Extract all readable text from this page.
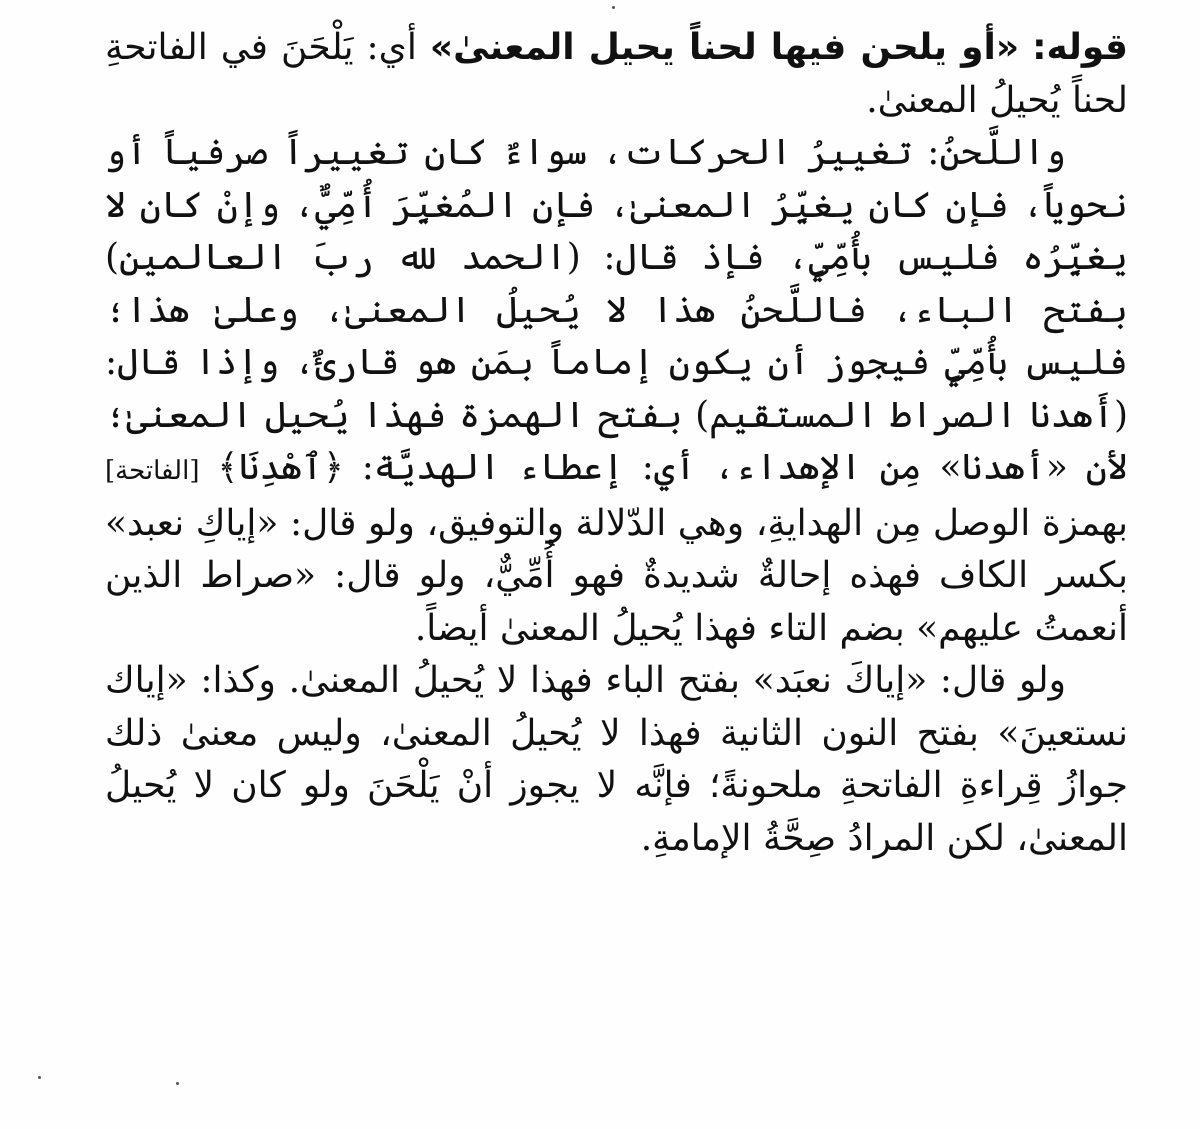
قوله: «أو يلحن فيها لحناً يحيل المعنىٰ» أي: يَلْحَنَ في الفاتحةِ لحناً يُحيلُ المعنىٰ.

واللَّحنُ: تغييرُ الحركات، سواءٌ كان تغييراً صرفياً أو نحوياً، فإن كان يغيِّرُ المعنىٰ، فإن المُغيِّرَ أُمِّيٌّ، وإنْ كان لا يغيِّرُه فليس بأُمِّيٍّ، فإذ قال: (الحمد لله ربَ العالمين) بفتح الباء، فاللَّحنُ هذا لا يُحيلُ المعنىٰ، وعلىٰ هذا؛ فليس بأُمِّيٍّ فيجوز أن يكون إماماً بمَن هو قارئٌ، وإذا قال: (أَهدنا الصراط المستقيم) بفتح الهمزة فهذا يُحيل المعنىٰ؛ لأن «أهدنا» مِن الإهداء، أي: إعطاء الهديَّة: ﴿ٱهْدِنَا﴾ [الفاتحة] بهمزة الوصل مِن الهدايةِ، وهي الدّلالة والتوفيق، ولو قال: «إياكِ نعبد» بكسر الكاف فهذه إحالةٌ شديدةٌ فهو أُمِّيٌّ، ولو قال: «صراط الذين أنعمتُ عليهم» بضم التاء فهذا يُحيلُ المعنىٰ أيضاً.

ولو قال: «إياكَ نعبَد» بفتح الباء فهذا لا يُحيلُ المعنىٰ. وكذا: «إياك نستعينَ» بفتح النون الثانية فهذا لا يُحيلُ المعنىٰ، وليس معنىٰ ذلك جوازُ قِراءةِ الفاتحةِ ملحونةً؛ فإنَّه لا يجوز أنْ يَلْحَنَ ولو كان لا يُحيلُ المعنىٰ، لكن المرادُ صِحَّةُ الإمامةِ.
